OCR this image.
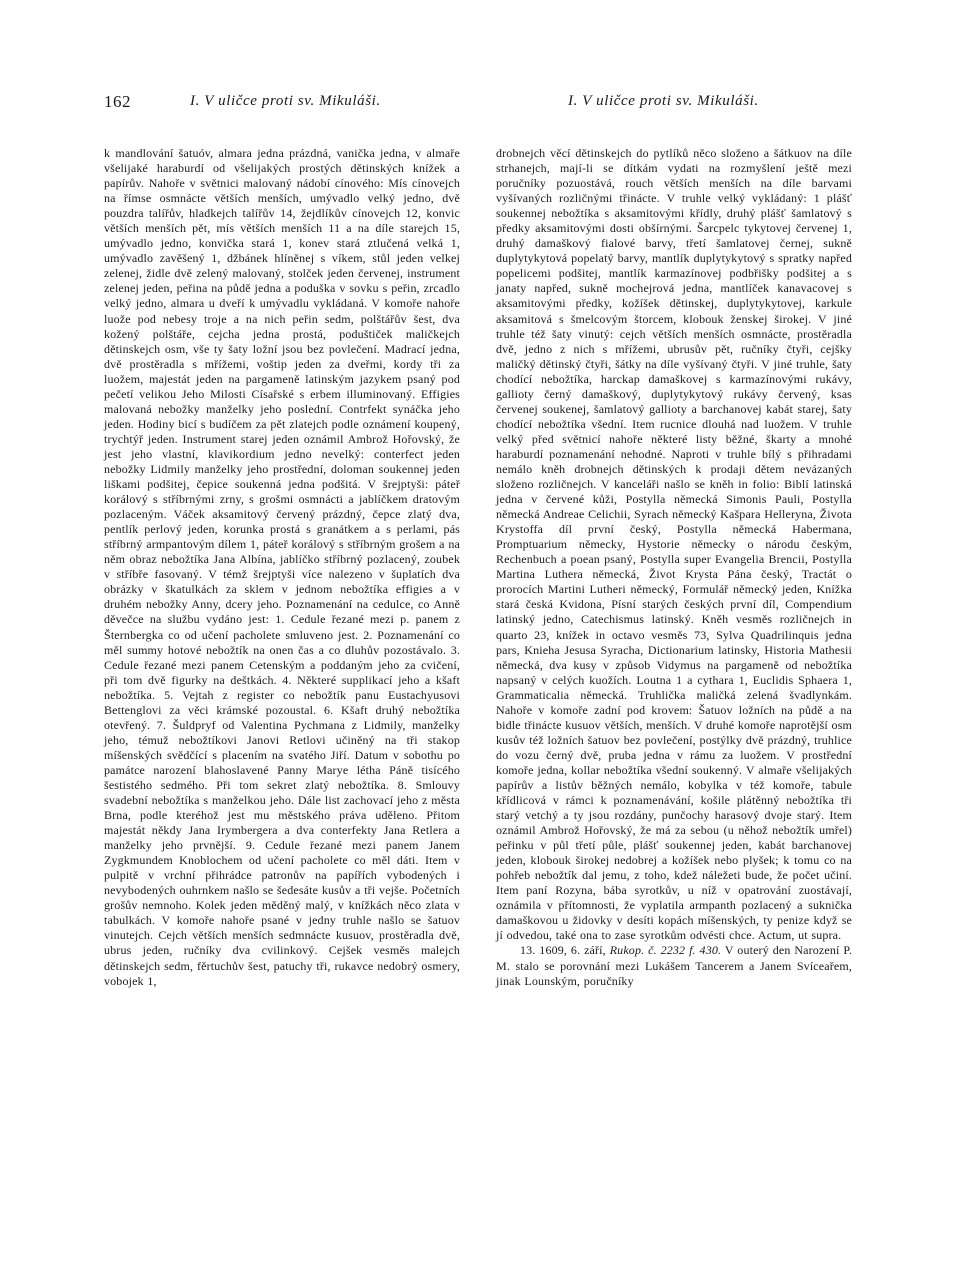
162	I. V uličce proti sv. Mikuláši.	I. V uličce proti sv. Mikuláši.

k mandlování šatuóv, almara jedna prázdná, vanička jedna, v almaře všelijaké haraburdí od všelijakých prostých dětinských knížek a papírův. Nahoře v světnici malovaný nádobí cínového: Mís cínovejch na římse osmnácte větších menších, umývadlo velký jedno, dvě pouzdra talířův, hladkejch talířův 14, žejdlíkův cínovejch 12, konvic větších menších pět, mís větších menších 11 a na díle starejch 15, umývadlo jedno, konvička stará 1, konev stará ztlučená velká 1, umývadlo zavěšený 1, džbánek hlíněnej s víkem, stůl jeden velkej zelenej, židle dvě zelený malovaný, stolček jeden červenej, instrument zelenej jeden, peřina na půdě jedna a poduška v sovku s peřin, zrcadlo velký jedno, almara u dveří k umývadlu vykládaná. V komoře nahoře luože pod nebesy troje a na nich peřin sedm, polštářův šest, dva kožený polštáře, cejcha jedna prostá, poduštiček maličkejch dětinskejch osm, vše ty šaty ložní jsou bez povlečení. Madrací jedna, dvě prostěradla s mřížemi, voštip jeden za dveřmi, kordy tři za luožem, majestát jeden na pargameně latinským jazykem psaný pod pečetí velikou Jeho Milosti Císařské s erbem illuminovaný. Effigies malovaná nebožky manželky jeho poslední. Contrfekt synáčka jeho jeden. Hodiny bicí s budíčem za pět zlatejch podle oznámení koupený, trychtýř jeden. Instrument starej jeden oznámil Ambrož Hořovský, že jest jeho vlastní, klavikordium jedno nevelký: conterfect jeden nebožky Lidmily manželky jeho prostřední, doloman soukennej jeden liškami podšitej, čepice soukenná jedna podšitá. V šrejptyši: páteř korálový s stříbrnými zrny, s grošmi osmnácti a jablíčkem dratovým pozlaceným. Váček aksamitový červený prázdný, čepce zlatý dva, pentlík perlový jeden, korunka prostá s granátkem a s perlami, pás stříbrný armpantovým dílem 1, páteř korálový s stříbrným grošem a na něm obraz nebožtíka Jana Albína, jablíčko stříbrný pozlacený, zoubek v stříbře fasovaný. V témž šrejptyši více nalezeno v šuplatích dva obrázky v škatulkách za sklem v jednom nebožtíka effigies a v druhém nebožky Anny, dcery jeho. Poznamenání na cedulce, co Anně děvečce na službu vydáno jest: 1. Cedule řezané mezi p. panem z Šternbergka co od učení pacholete smluveno jest. 2. Poznamenání co měl summy hotové nebožtík na onen čas a co dluhův pozostávalo. 3. Cedule řezané mezi panem Cetenským a poddaným jeho za cvičení, při tom dvě figurky na deštkách. 4. Některé supplikací jeho a kšaft nebožtíka. 5. Vejtah z register co nebožtík panu Eustachyusovi Bettenglovi za věci krámské pozoustal. 6. Kšaft druhý nebožtíka otevřený. 7. Šuldpryf od Valentina Pychmana z Lidmily, manželky jeho, témuž nebožtíkovi Janovi Retlovi učiněný na tři stakop míšenských svědčící s placením na svatého Jiří. Datum v sobothu po památce narození blahoslavené Panny Marye létha Páně tisícého šestistého sedmého. Při tom sekret zlatý nebožtíka. 8. Smlouvy svadební nebožtíka s manželkou jeho. Dále list zachovací jeho z města Brna, podle kteréhož jest mu městského práva uděleno. Přitom majestát někdy Jana Irymbergera a dva conterfekty Jana Retlera a manželky jeho prvnější. 9. Cedule řezané mezi panem Janem Zygkmundem Knoblochem od učení pacholete co měl dáti. Item v pulpitě v vrchní přihrádce patronův na papířích vybodených i nevybodených ouhrnkem našlo se šedesáte kusův a tři vejše. Početních grošův nemnoho. Kolek jeden měděný malý, v knížkách něco zlata v tabulkách. V komoře nahoře psané v jedny truhle našlo se šatuov vinutejch. Cejch větších menších sedmnácte kusuov, prostěradla dvě, ubrus jeden, ručníky dva cvilinkový. Cejšek vesměs malejch dětinskejch sedm, fěrtuchův šest, patuchy tři, rukavce nedobrý osmery, vobojek 1,

drobnejch věcí dětinskejch do pytlíků něco složeno a šátkuov na díle strhanejch, mají-li se dítkám vydati na rozmyšlení ještě mezi poručníky pozuostává, rouch větších menších na díle barvami vyšívaných rozličnými třinácte. V truhle velký vykládaný: 1 plášť soukennej nebožtíka s aksamitovými křídly, druhý plášť šamlatový s předky aksamitovými dosti obšírnými. Šarcpelc tykytovej červenej 1, druhý damaškový fialové barvy, třetí šamlatovej černej, sukně duplytykytová popelatý barvy, mantlík duplytykytový s spratky napřed popelicemi podšitej, mantlík karmazínovej podbřišky podšitej a s janaty napřed, sukně mochejrová jedna, mantlíček kanavacovej s aksamitovými předky, kožíšek dětinskej, duplytykytovej, karkule aksamitová s šmelcovým štorcem, klobouk ženskej širokej. V jiné truhle též šaty vinutý: cejch větších menších osmnácte, prostěradla dvě, jedno z nich s mřížemi, ubrusův pět, ručníky čtyři, cejšky maličký dětinský čtyři, šátky na díle vyšívaný čtyři. V jiné truhle, šaty chodící nebožtíka, harckap damaškovej s karmazínovými rukávy, gallioty černý damaškový, duplytykytový rukávy červený, ksas červenej soukenej, šamlatový gallioty a barchanovej kabát starej, šaty chodící nebožtíka všední. Item rucnice dlouhá nad luožem. V truhle velký před světnicí nahoře některé listy běžné, škarty a mnohé haraburdí poznamenání nehodné. Naproti v truhle bílý s přihradami nemálo kněh drobnejch dětinských k prodaji dětem nevázaných složeno rozličnejch. V kanceláři našlo se kněh in folio: Biblí latinská jedna v červené kůži, Postylla německá Simonis Pauli, Postylla německá Andreae Celichii, Syrach německý Kašpara Helleryna, Života Krystoffa díl první český, Postylla německá Habermana, Promptuarium německy, Hystorie německy o národu českým, Rechenbuch a poean psaný, Postylla super Evangelia Brencii, Postylla Martina Luthera německá, Život Krysta Pána český, Tractát o prorocích Martini Lutheri německý, Formulář německý jeden, Knížka stará česká Kvidona, Písní starých českých první díl, Compendium latinský jedno, Catechismus latinský. Kněh vesměs rozličnejch in quarto 23, knížek in octavo vesměs 73, Sylva Quadrilinquis jedna pars, Kniеha Jesusa Syracha, Dictionarium latinsky, Historia Mathesii německá, dva kusy v způsob Vidymus na pargameně od nebožtíka napsaný v celých kuožích. Loutna 1 a cythara 1, Euclidis Sphaera 1, Grammaticalia německá. Truhlička maličká zelená švadlynkám. Nahoře v komoře zadní pod krovem: Šatuov ložních na půdě a na bidle třinácte kusuov větších, menších. V druhé komoře naprotější osm kusův též ložních šatuov bez povlečení, postýlky dvě prázdný, truhlice do vozu černý dvě, pruba jedna v rámu za luožem. V prostřední komoře jedna, kollar nebožtíka všední soukenný. V almaře všelijakých papírův a listův běžných nemálo, kobylka v též komoře, tabule křídlicová v rámci k poznamenávání, košile plátěnný nebožtíka tři starý vetchý a ty jsou rozdány, punčochy harasový dvoje starý. Item oznámil Ambrož Hořovský, že má za sebou (u něhož nebožtík umřel) peřinku v půl třetí půle, plášť soukennej jeden, kabát barchanovej jeden, klobouk širokej nedobrej a kožíšek nebo plyšek; k tomu co na pohřeb nebožtík dal jemu, z toho, kdež náležeti bude, že počet učiní. Item paní Rozyna, bába syrotkův, u níž v opatrování zuostávají, oznámila v přítomnosti, že vyplatila armpanth pozlacený a suknička damaškovou u židovky v desíti kopách míšenských, ty penize když se jí odvedou, také ona to zase syrotkům odvésti chce. Actum, ut supra.

13. 1609, 6. září, Rukop. č. 2232 f. 430. V outerý den Narození P. M. stalo se porovnání mezi Lukášem Tancerem a Janem Svíceařem, jinak Lounským, poručníky
